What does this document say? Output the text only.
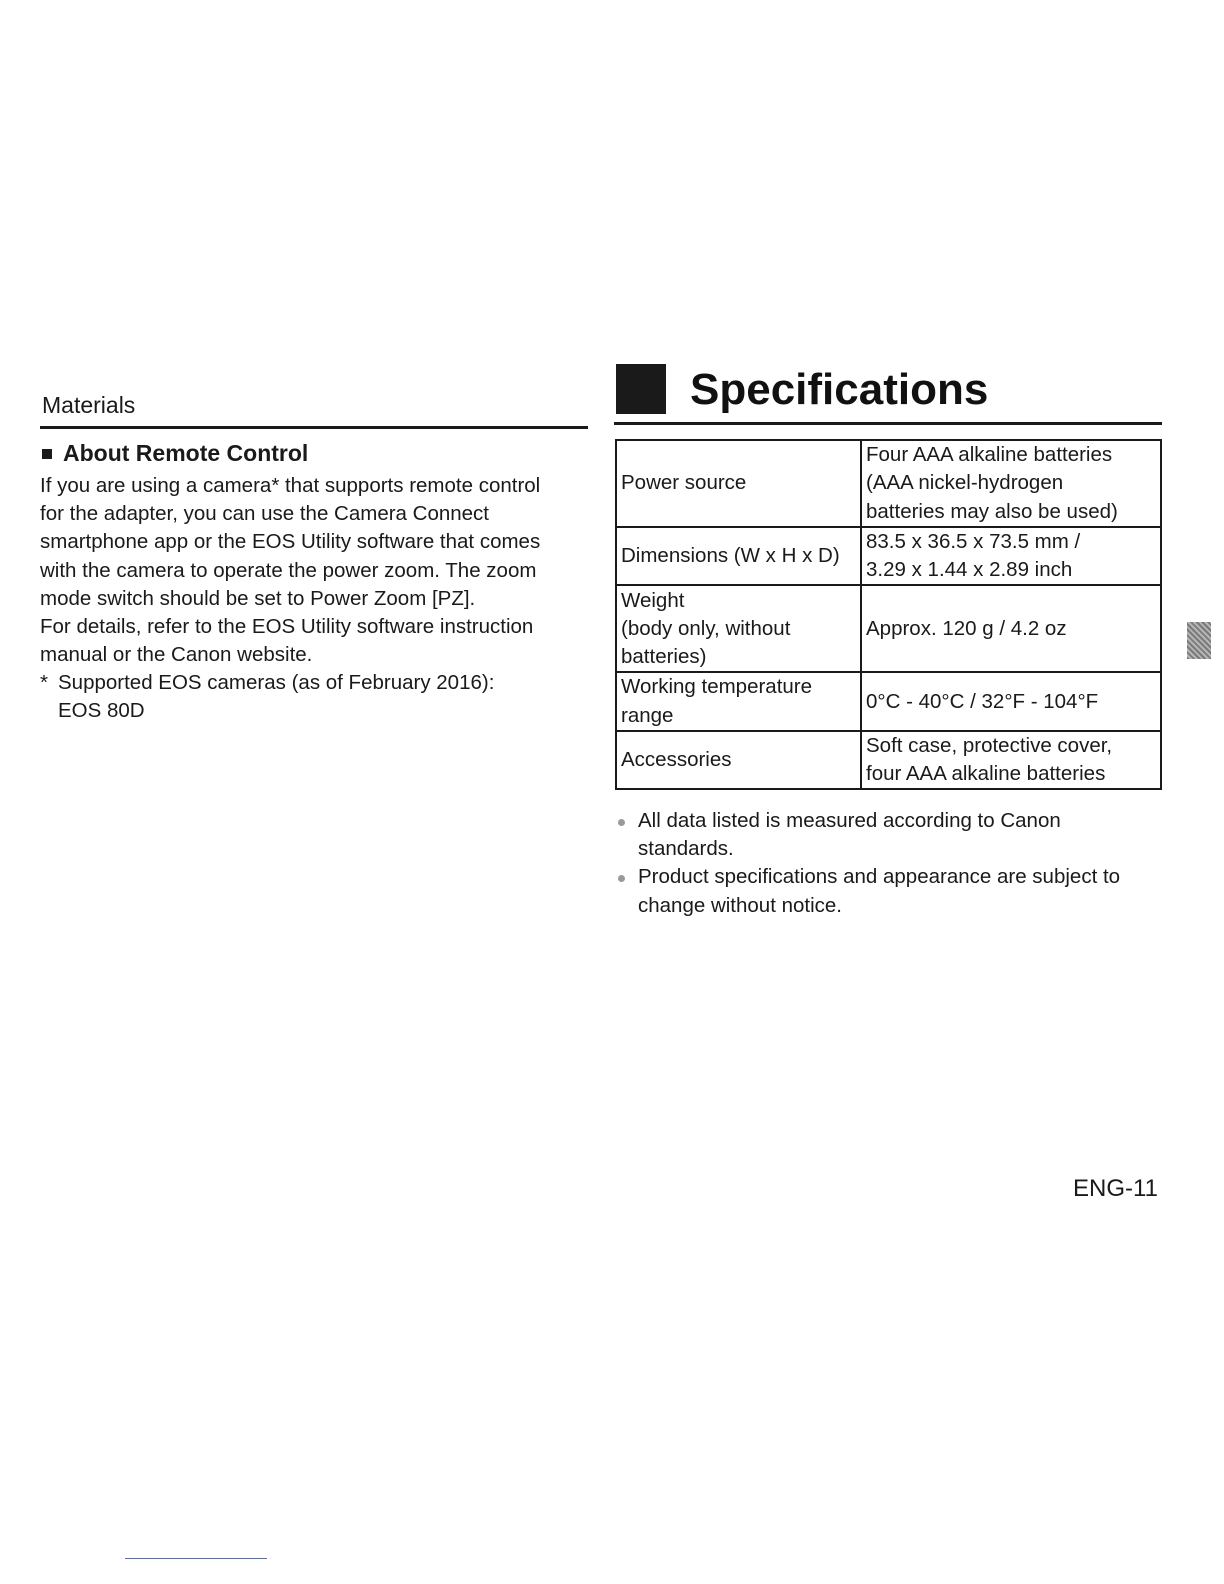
Materials
About Remote Control

If you are using a camera* that supports remote control

for the adapter, you can use the Camera Connect

smartphone app or the EOS Utility software that comes

with the camera to operate the power zoom. The zoom

mode switch should be set to Power Zoom [PZ].

For details, refer to the EOS Utility software instruction

manual or the Canon website.

* Supported EOS cameras (as of February 2016):
EOS 80D
Specifications
Power source	Four AAA alkaline batteries
(AAA nickel-hydrogen
batteries may also be used)

Dimensions (W x H x D)	83.5 x 36.5 x 73.5 mm /
3.29 x 1.44 x 2.89 inch

Weight
(body only, without
batteries)	Approx. 120 g / 4.2 oz

Working temperature
range	0°C - 40°C / 32°F - 104°F

Accessories	Soft case, protective cover,
four AAA alkaline batteries
All data listed is measured according to Canon
standards.
Product specifications and appearance are subject to
change without notice.
ENG-11
